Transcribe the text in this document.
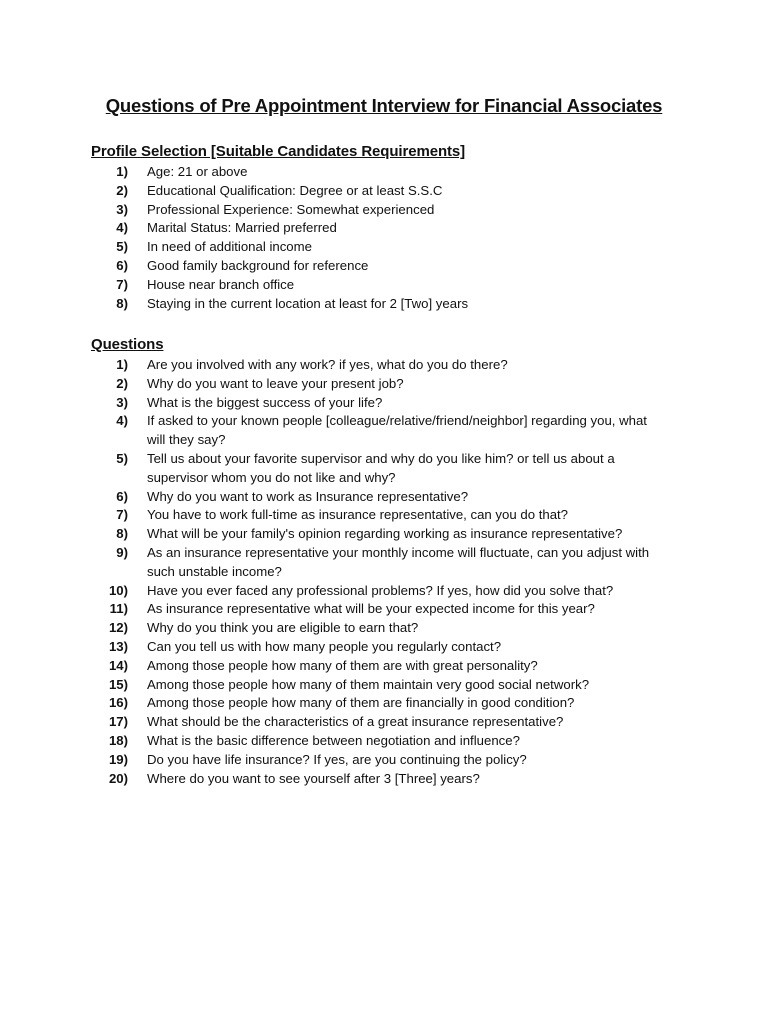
Questions of Pre Appointment Interview for Financial Associates
Profile Selection [Suitable Candidates Requirements]
1) Age: 21 or above
2) Educational Qualification: Degree or at least S.S.C
3) Professional Experience: Somewhat experienced
4) Marital Status: Married preferred
5) In need of additional income
6) Good family background for reference
7) House near branch office
8) Staying in the current location at least for 2 [Two] years
Questions
1) Are you involved with any work? if yes, what do you do there?
2) Why do you want to leave your present job?
3) What is the biggest success of your life?
4) If asked to your known people [colleague/relative/friend/neighbor] regarding you, what will they say?
5) Tell us about your favorite supervisor and why do you like him? or tell us about a supervisor whom you do not like and why?
6) Why do you want to work as Insurance representative?
7) You have to work full-time as insurance representative, can you do that?
8) What will be your family's opinion regarding working as insurance representative?
9) As an insurance representative your monthly income will fluctuate, can you adjust with such unstable income?
10) Have you ever faced any professional problems? If yes, how did you solve that?
11) As insurance representative what will be your expected income for this year?
12) Why do you think you are eligible to earn that?
13) Can you tell us with how many people you regularly contact?
14) Among those people how many of them are with great personality?
15) Among those people how many of them maintain very good social network?
16) Among those people how many of them are financially in good condition?
17) What should be the characteristics of a great insurance representative?
18) What is the basic difference between negotiation and influence?
19) Do you have life insurance? If yes, are you continuing the policy?
20) Where do you want to see yourself after 3 [Three] years?
